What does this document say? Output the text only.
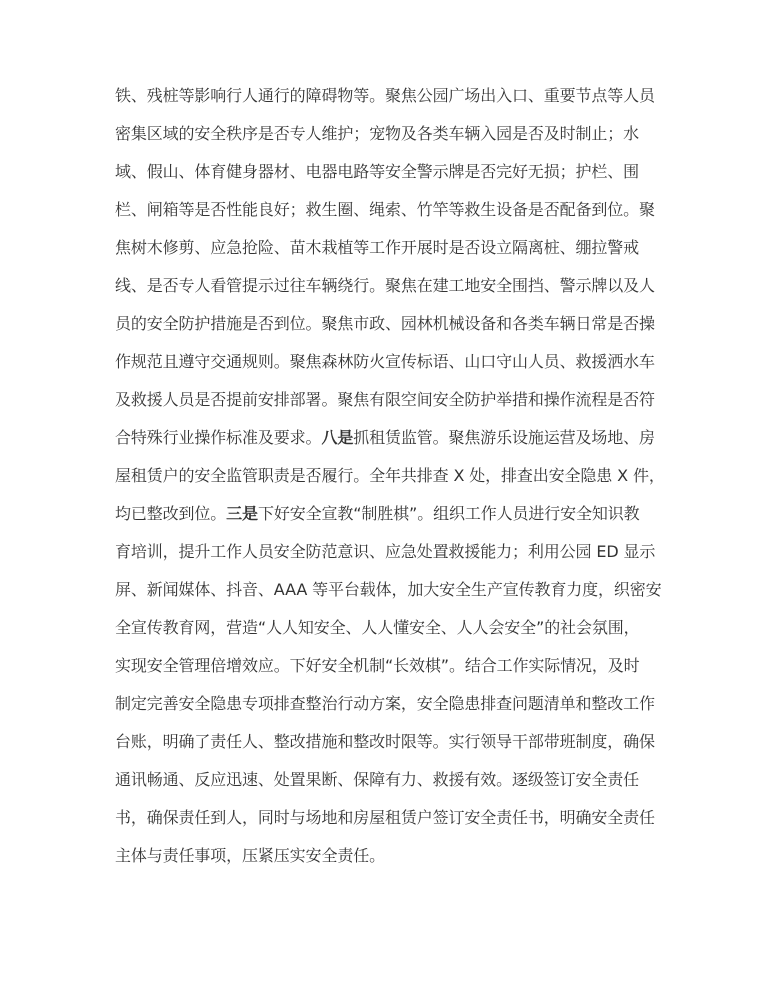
铁、残桩等影响行人通行的障碍物等。聚焦公园广场出入口、重要节点等人员
密集区域的安全秩序是否专人维护；宠物及各类车辆入园是否及时制止；水
域、假山、体育健身器材、电器电路等安全警示牌是否完好无损；护栏、围
栏、闸箱等是否性能良好；救生圈、绳索、竹竿等救生设备是否配备到位。聚
焦树木修剪、应急抢险、苗木栽植等工作开展时是否设立隔离桩、绷拉警戒
线、是否专人看管提示过往车辆绕行。聚焦在建工地安全围挡、警示牌以及人
员的安全防护措施是否到位。聚焦市政、园林机械设备和各类车辆日常是否操
作规范且遵守交通规则。聚焦森林防火宣传标语、山口守山人员、救援洒水车
及救援人员是否提前安排部署。聚焦有限空间安全防护举措和操作流程是否符
合特殊行业操作标准及要求。八是抓租赁监管。聚焦游乐设施运营及场地、房
屋租赁户的安全监管职责是否履行。全年共排查 X 处，排查出安全隐患 X 件，
均已整改到位。三是下好安全宣教“制胜棋”。组织工作人员进行安全知识教
育培训，提升工作人员安全防范意识、应急处置救援能力；利用公园 ED 显示
屏、新闻媒体、抖音、AAA 等平台载体，加大安全生产宣传教育力度，织密安
全宣传教育网，营造“人人知安全、人人懂安全、人人会安全”的社会氛围，
实现安全管理倍增效应。下好安全机制“长效棋”。结合工作实际情况，及时
制定完善安全隐患专项排查整治行动方案，安全隐患排查问题清单和整改工作
台账，明确了责任人、整改措施和整改时限等。实行领导干部带班制度，确保
通讯畅通、反应迅速、处置果断、保障有力、救援有效。逐级签订安全责任
书，确保责任到人，同时与场地和房屋租赁户签订安全责任书，明确安全责任
主体与责任事项，压紧压实安全责任。
